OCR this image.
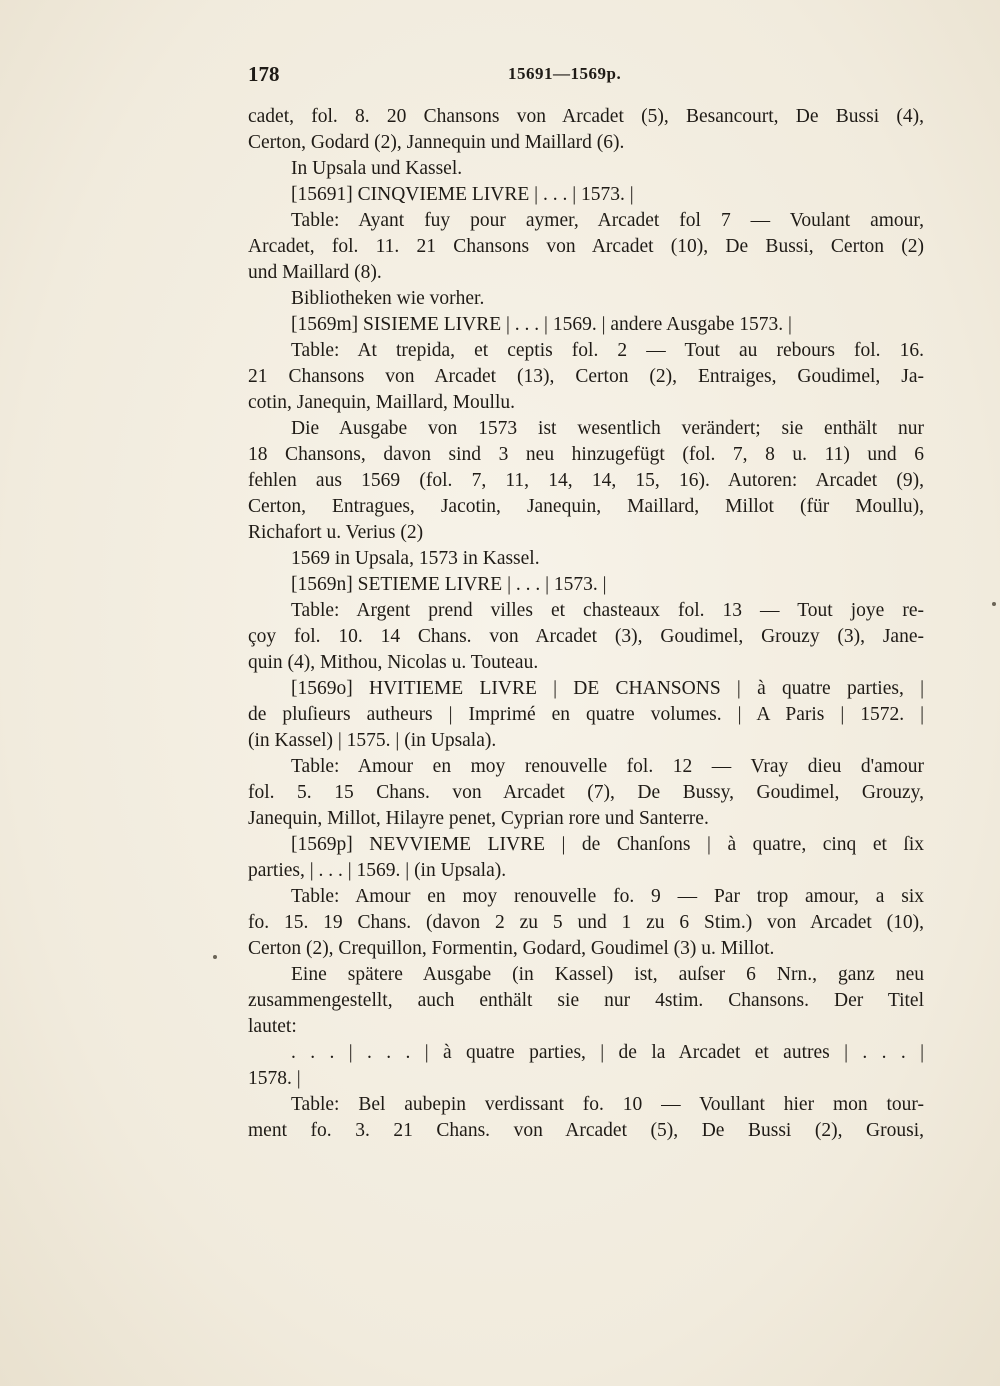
178	15691—1569p.
cadet, fol. 8. 20 Chansons von Arcadet (5), Besancourt, De Bussi (4),
Certon, Godard (2), Jannequin und Maillard (6).
In Upsala und Kassel.
[15691] CINQVIEME LIVRE | . . . | 1573. |
Table: Ayant fuy pour aymer, Arcadet fol 7 — Voulant amour,
Arcadet, fol. 11. 21 Chansons von Arcadet (10), De Bussi, Certon (2)
und Maillard (8).
Bibliotheken wie vorher.
[1569m] SISIEME LIVRE | . . . | 1569. | andere Ausgabe 1573. |
Table: At trepida, et ceptis fol. 2 — Tout au rebours fol. 16.
21 Chansons von Arcadet (13), Certon (2), Entraiges, Goudimel, Ja-
cotin, Janequin, Maillard, Moullu.
Die Ausgabe von 1573 ist wesentlich verändert; sie enthält nur
18 Chansons, davon sind 3 neu hinzugefügt (fol. 7, 8 u. 11) und 6
fehlen aus 1569 (fol. 7, 11, 14, 14, 15, 16). Autoren: Arcadet (9),
Certon, Entragues, Jacotin, Janequin, Maillard, Millot (für Moullu),
Richafort u. Verius (2)
1569 in Upsala, 1573 in Kassel.
[1569n] SETIEME LIVRE | . . . | 1573. |
Table: Argent prend villes et chasteaux fol. 13 — Tout joye re-
çoy fol. 10. 14 Chans. von Arcadet (3), Goudimel, Grouzy (3), Jane-
quin (4), Mithou, Nicolas u. Touteau.
[1569o] HVITIEME LIVRE | DE CHANSONS | à quatre parties, |
de pluſieurs autheurs | Imprimé en quatre volumes. | A Paris | 1572. |
(in Kassel) | 1575. | (in Upsala).
Table: Amour en moy renouvelle fol. 12 — Vray dieu d'amour
fol. 5. 15 Chans. von Arcadet (7), De Bussy, Goudimel, Grouzy,
Janequin, Millot, Hilayre penet, Cyprian rore und Santerre.
[1569p] NEVVIEME LIVRE | de Chanſons | à quatre, cinq et ſix
parties, | . . . | 1569. | (in Upsala).
Table: Amour en moy renouvelle fo. 9 — Par trop amour, a six
fo. 15. 19 Chans. (davon 2 zu 5 und 1 zu 6 Stim.) von Arcadet (10),
Certon (2), Crequillon, Formentin, Godard, Goudimel (3) u. Millot.
Eine spätere Ausgabe (in Kassel) ist, auſser 6 Nrn., ganz neu
zusammengestellt, auch enthält sie nur 4stim. Chansons. Der Titel
lautet:
. . . | . . . | à quatre parties, | de la Arcadet et autres | . . . |
1578. |
Table: Bel aubepin verdissant fo. 10 — Voullant hier mon tour-
ment fo. 3. 21 Chans. von Arcadet (5), De Bussi (2), Grousi,
